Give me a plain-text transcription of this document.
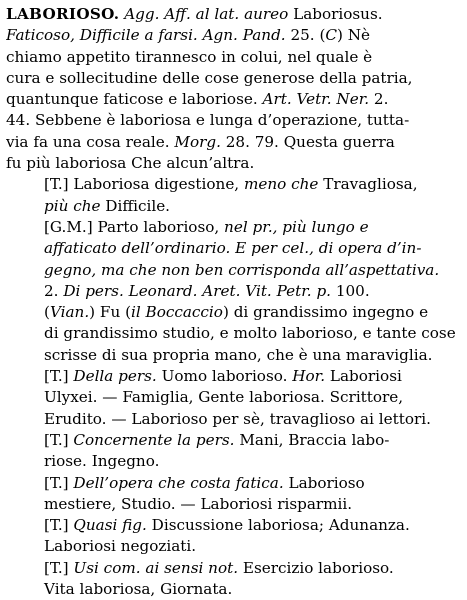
LABORIOSO. Agg. Aff. al lat. aureo Laboriosus.
Faticoso, Difficile a farsi. Agn. Pand. 25. (C) Nè
chiamo appetito tirannesco in colui, nel quale è
cura e sollecitudine delle cose generose della patria,
quantunque faticose e laboriose. Art. Vetr. Ner. 2.
44. Sebbene è laboriosa e lunga d’operazione, tutta-
via fa una cosa reale. Morg. 28. 79. Questa guerra
fu più laboriosa Che alcun’altra.

[T.] Laboriosa digestione, meno che Travagliosa,
più che Difficile.

[G.M.] Parto laborioso, nel pr., più lungo e
affaticato dell’ordinario. E per cel., di opera d’in-
gegno, ma che non ben corrisponda all’aspettativa.
2. Di pers. Leonard. Aret. Vit. Petr. p. 100.
(Vian.) Fu (il Boccaccio) di grandissimo ingegno e
di grandissimo studio, e molto laborioso, e tante cose
scrisse di sua propria mano, che è una maraviglia.

[T.] Della pers. Uomo laborioso. Hor. Laboriosi
Ulyxei. — Famiglia, Gente laboriosa. Scrittore,
Erudito. — Laborioso per sè, travaglioso ai lettori.

[T.] Concernente la pers. Mani, Braccia labo-
riose. Ingegno.

[T.] Dell’opera che costa fatica. Laborioso
mestiere, Studio. — Laboriosi risparmii.

[T.] Quasi fig. Discussione laboriosa; Adunanza.
Laboriosi negoziati.

[T.] Usi com. ai sensi not. Esercizio laborioso.
Vita laboriosa, Giornata.
